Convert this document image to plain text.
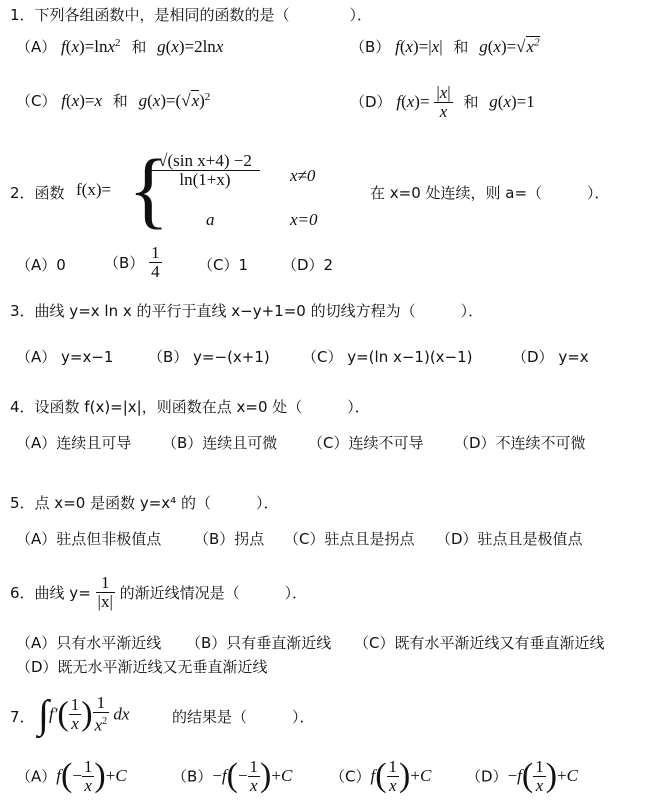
1．下列各组函数中，是相同的函数的是（　　　　）．
（A） f(x)=lnx$^2$ 和 g(x)=2lnx	（B） f(x)=|x| 和 $g(x)=√x^2$
（C） f(x)=x 和 $g(x)=(√x)^2$	（D） $f(x)= \frac{|x|}{x}$ 和 g(x)=1
2．函数 f(x)= {
$\frac{\text{√(sin x+4) −2}}{\ln(1+x)} x\ne 0$
a	x=0
在 x=0 处连续，则 a=（　　　）．
（A）0	$(B) \frac{1}{4} (C)1$ （D）2
3．曲线 y=x ln x 的平行于直线 x−y+1=0 的切线方程为（　　　）．
（A） y=x−1 （B） y=−(x+1) （C） y=(ln x−1)(x−1)	（D） y=x
4．设函数 f(x)=|x|，则函数在点 x=0 处（　　　）．
（A）连续且可导 （B）连续且可微 （C）连续不可导 （D）不连续不可微
5．点 x=0 是函数 y=x⁴ 的（　　　）．
（A）驻点但非极值点 （B）拐点 （C）驻点且是拐点 （D）驻点且是极值点
6．曲线 $y= \frac{1}{|x|}$ 的渐近线情况是（　　　）．
（A）只有水平渐近线 （B）只有垂直渐近线 （C）既有水平渐近线又有垂直渐近线
（D）既无水平渐近线又无垂直渐近线
7． $\int f'( \frac{1}{x}$ ) $\frac{1}{x^2}$ dx	的结果是（　　　）．
$(A)f(- \frac{1}{x} )+C$	$(B)-f(- \frac{1}{x} )+C$	$(C)f( \frac{1}{x} )+C$ $(D)-f( \frac{1}{x} )+C$
